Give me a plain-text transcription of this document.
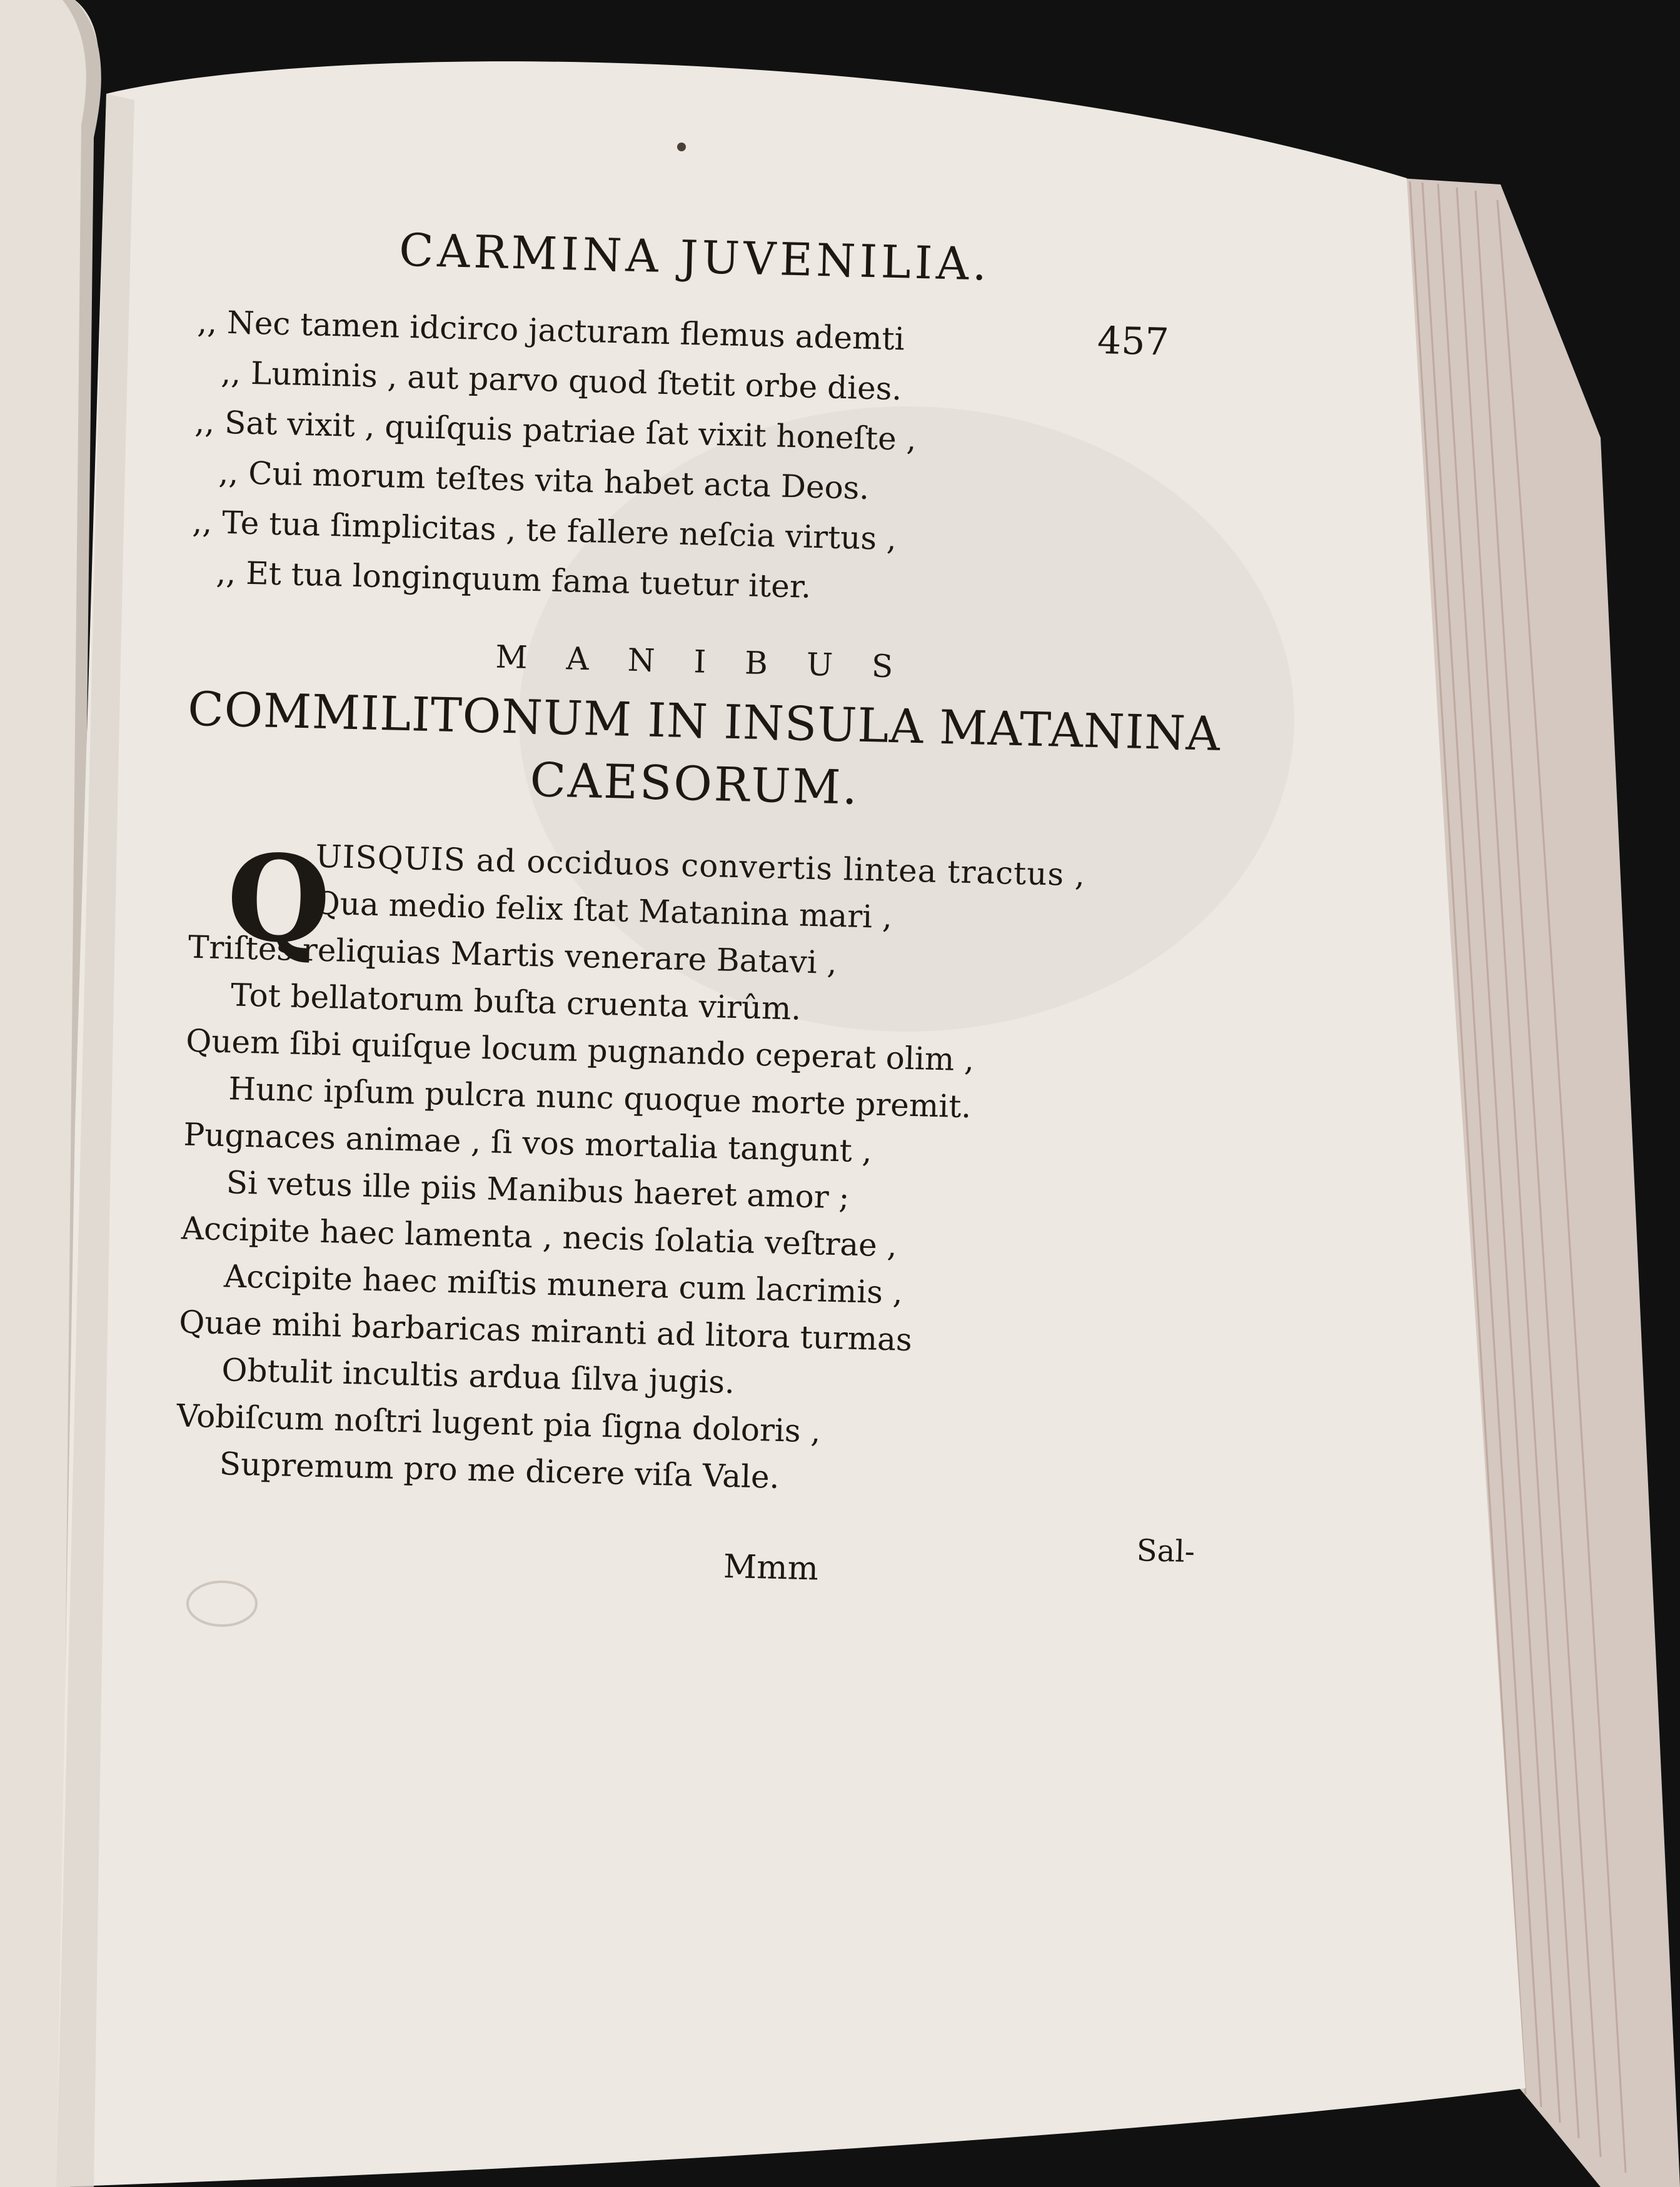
CARMINA JUVENILIA.
457
,, Nec tamen idcirco jacturam flemus ademti
,, Luminis , aut parvo quod ſtetit orbe dies.
,, Sat vixit , quiſquis patriae ſat vixit honeſte ,
,, Cui morum teſtes vita habet acta Deos.
,, Te tua ſimplicitas , te fallere neſcia virtus ,
,, Et tua longinquum fama tuetur iter.
MANIBUS
COMMILITONUM IN INSULA MATANINA
CAESORUM.
Q
UISQUIS ad occiduos convertis lintea tractus ,
Qua medio felix ſtat Matanina mari ,
Triſtes reliquias Martis venerare Batavi ,
Tot bellatorum buſta cruenta virûm.
Quem ſibi quiſque locum pugnando ceperat olim ,
Hunc ipſum pulcra nunc quoque morte premit.
Pugnaces animae , ſi vos mortalia tangunt ,
Si vetus ille piis Manibus haeret amor ;
Accipite haec lamenta , necis ſolatia veſtrae ,
Accipite haec miſtis munera cum lacrimis ,
Quae mihi barbaricas miranti ad litora turmas
Obtulit incultis ardua ſilva jugis.
Vobiſcum noſtri lugent pia ſigna doloris ,
Supremum pro me dicere viſa Vale.
Mmm	Sal-
